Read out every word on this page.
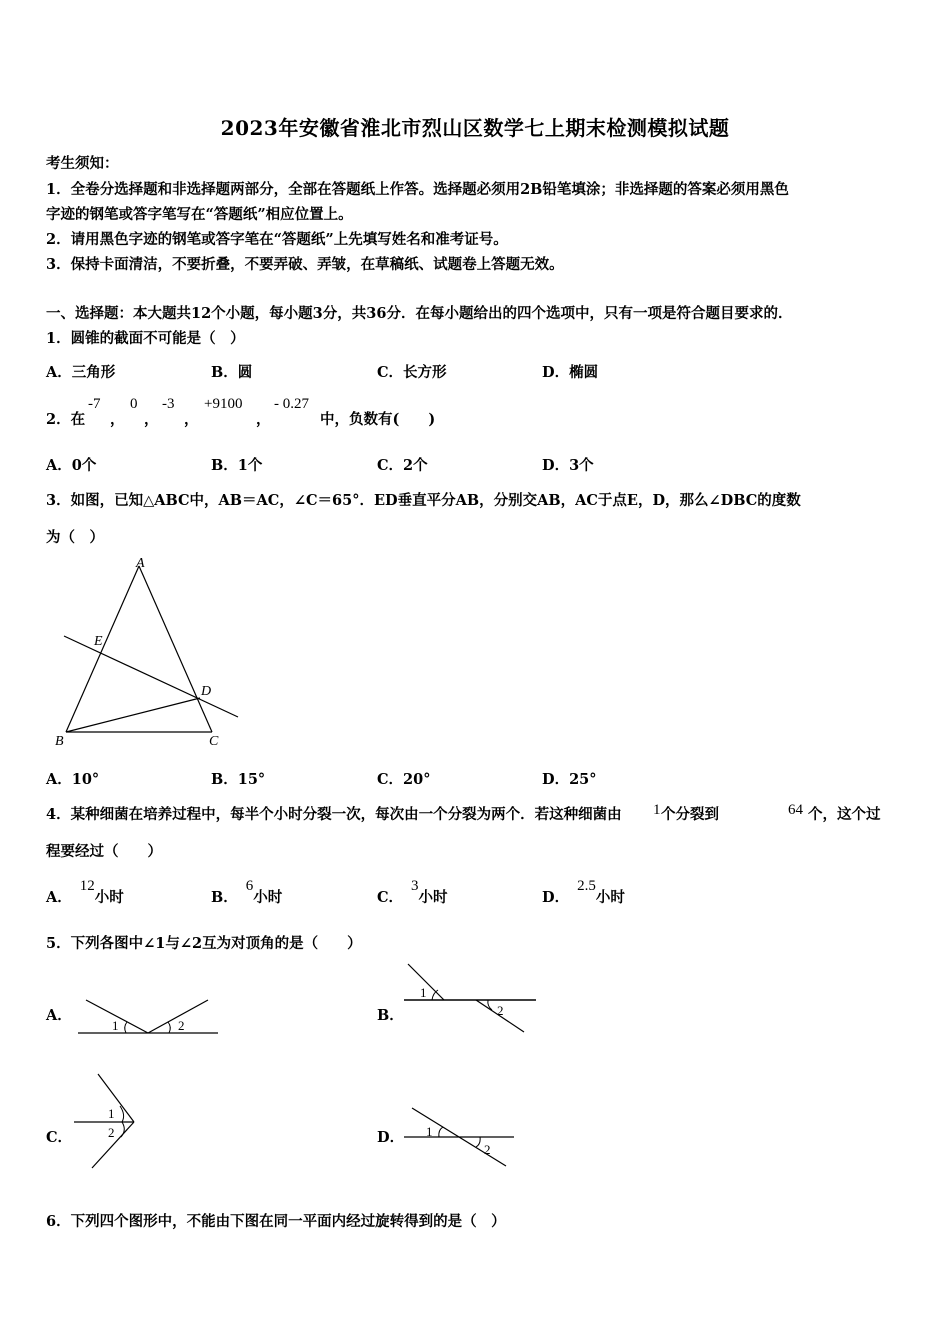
2023年安徽省淮北市烈山区数学七上期末检测模拟试题
考生须知：
1．全卷分选择题和非选择题两部分，全部在答题纸上作答。选择题必须用2B铅笔填涂；非选择题的答案必须用黑色
字迹的钢笔或答字笔写在“答题纸”相应位置上。
2．请用黑色字迹的钢笔或答字笔在“答题纸”上先填写姓名和准考证号。
3．保持卡面清洁，不要折叠，不要弄破、弄皱，在草稿纸、试题卷上答题无效。
一、选择题：本大题共12个小题，每小题3分，共36分．在每小题给出的四个选项中，只有一项是符合题目要求的．
1．圆锥的截面不可能是（　）
A．三角形	B．圆	C．长方形	D．椭圆
2．在
-7
，
0
，
-3
，
+9100
，
- 0.27
中，负数有(　　)
A．0个	B．1个	C．2个	D．3个
3．如图，已知△ABC中，AB＝AC，∠C＝65°．ED垂直平分AB，分别交AB，AC于点E，D，那么∠DBC的度数
为（　）
A
E
D
B	C
A．10°	B．15°	C．20°	D．25°
4．某种细菌在培养过程中，每半个小时分裂一次，每次由一个分裂为两个．若这种细菌由 1 个分裂到	64 个，这个过
程要经过（　　）
A．12小时	B．6小时	C．3小时	D．2.5小时
5．下列各图中∠1与∠2互为对顶角的是（　　）
A．
1	2
B．
1
2
C．
1
2	D． 1
2
6．下列四个图形中，不能由下图在同一平面内经过旋转得到的是（　）
